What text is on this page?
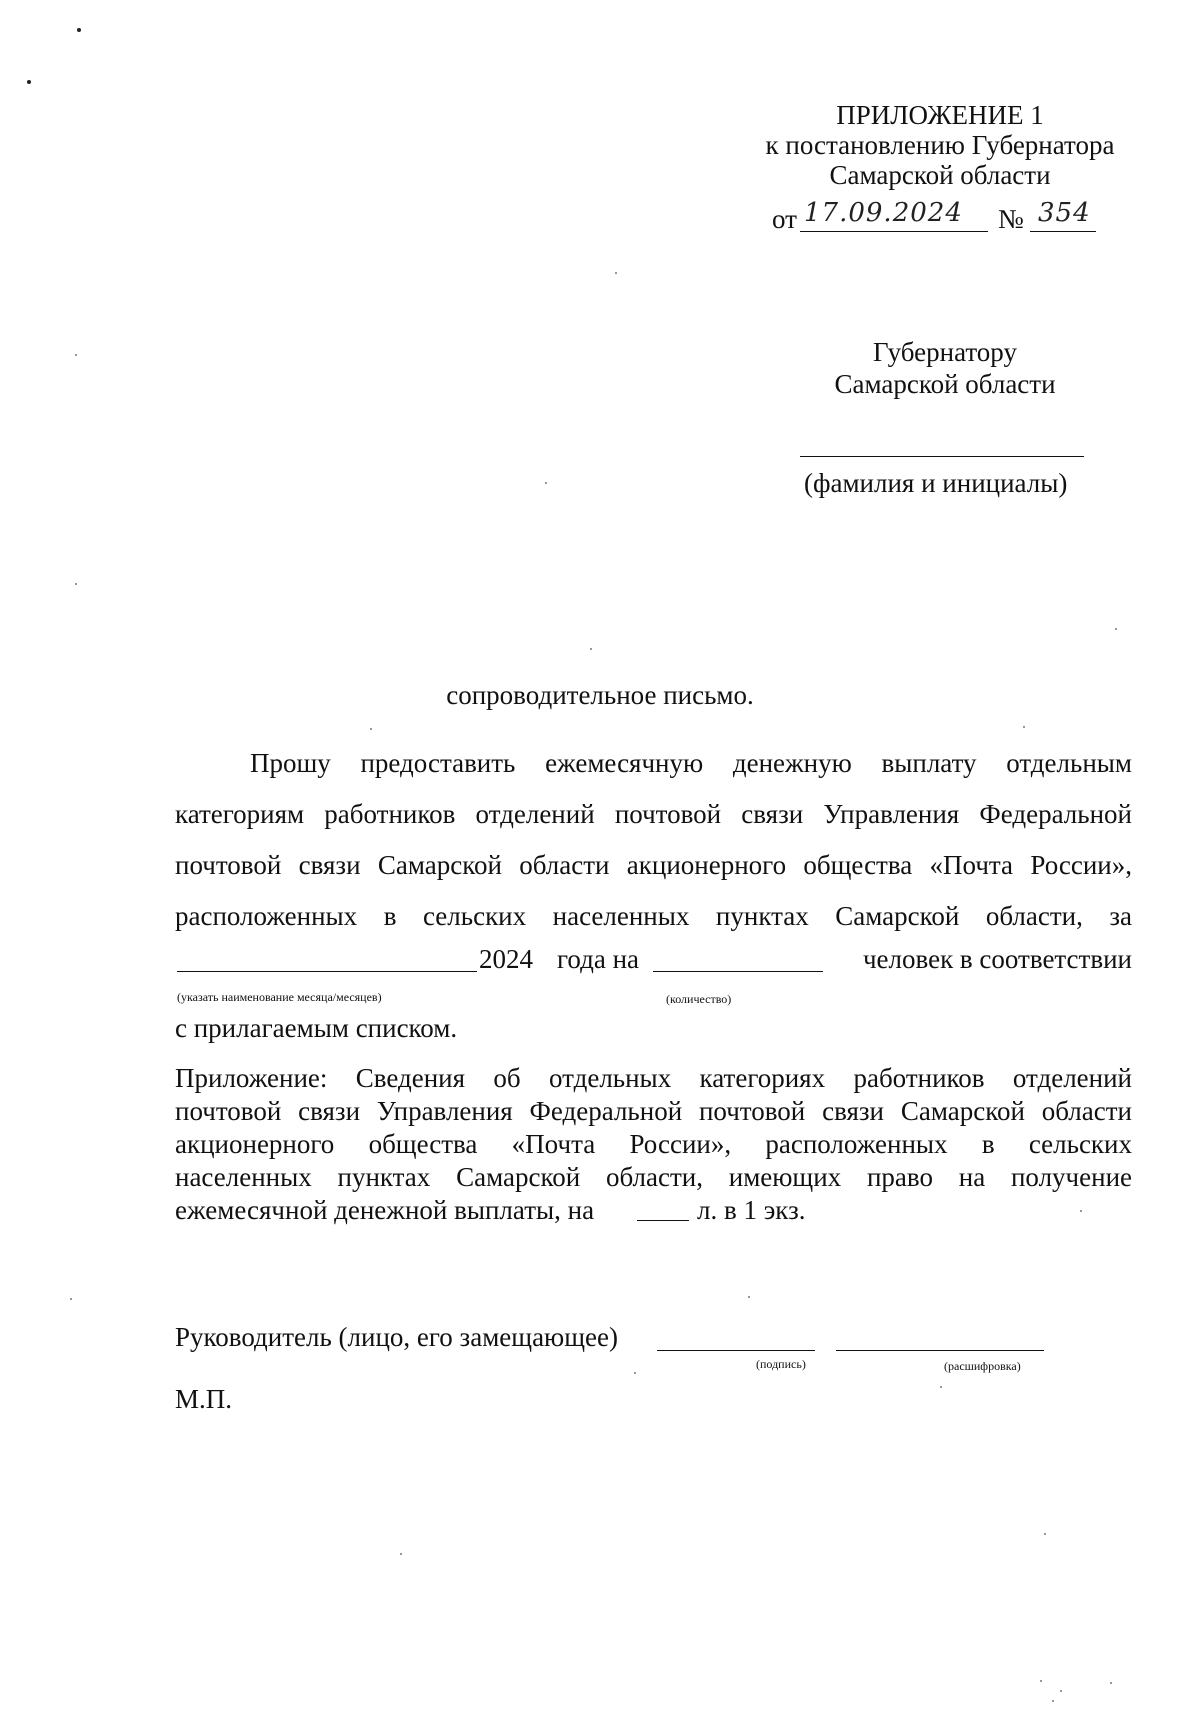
ПРИЛОЖЕНИЕ 1
к постановлению Губернатора
Самарской области
от 17.09.2024 № 354
Губернатору
Самарской области
(фамилия и инициалы)
сопроводительное письмо.
Прошу предоставить ежемесячную денежную выплату отдельным
категориям работников отделений почтовой связи Управления Федеральной
почтовой связи Самарской области акционерного общества «Почта России»,
расположенных в сельских населенных пунктах Самарской области, за
2024 года на	человек в соответствии
(указать наименование месяца/месяцев)	(количество)
с прилагаемым списком.
Приложение: Сведения об отдельных категориях работников отделений
почтовой связи Управления Федеральной почтовой связи Самарской области
акционерного общества «Почта России», расположенных в сельских
населенных пунктах Самарской области, имеющих право на получение
ежемесячной денежной выплаты, на	л. в 1 экз.
Руководитель (лицо, его замещающее)
(подпись)	(расшифровка)
М.П.
